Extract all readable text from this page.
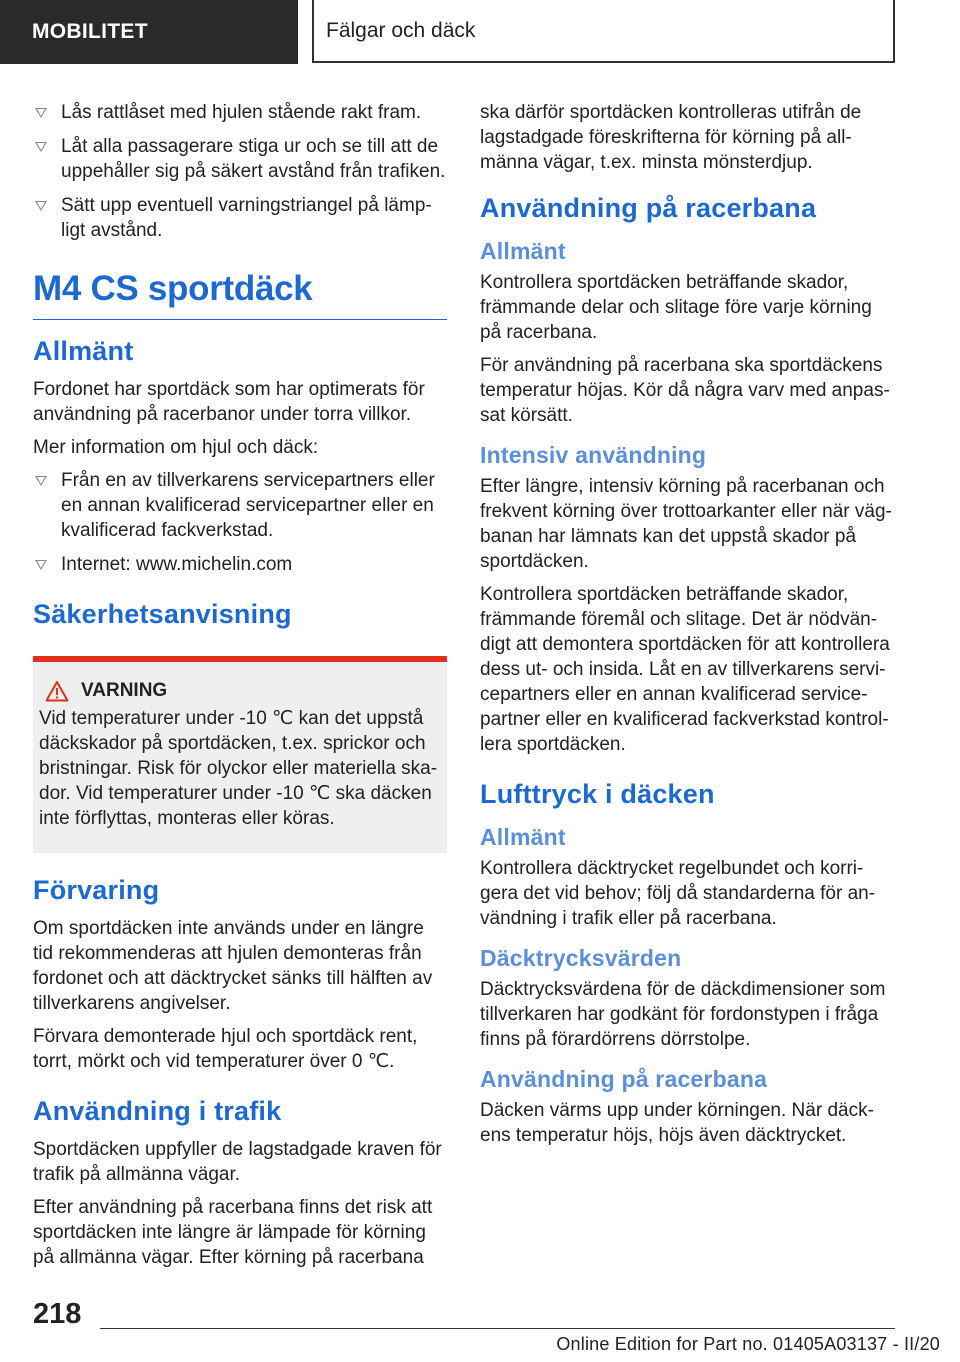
MOBILITET	Fälgar och däck
Lås rattlåset med hjulen stående rakt fram.
Låt alla passagerare stiga ur och se till att de uppehåller sig på säkert avstånd från trafiken.
Sätt upp eventuell varningstriangel på lämp‐ligt avstånd.
M4 CS sportdäck
Allmänt

Fordonet har sportdäck som har optimerats för användning på racerbanor under torra villkor.

Mer information om hjul och däck:

Från en av tillverkarens servicepartners eller en annan kvalificerad servicepartner eller en kvalificerad fackverkstad.
Internet: www.michelin.com
Säkerhetsanvisning
VARNING

Vid temperaturer under -10 ℃ kan det uppstå däckskador på sportdäcken, t.ex. sprickor och bristningar. Risk för olyckor eller materiella ska‐dor. Vid temperaturer under -10 ℃ ska däcken inte förflyttas, monteras eller köras.

Förvaring

Om sportdäcken inte används under en längre tid rekommenderas att hjulen demonteras från fordonet och att däcktrycket sänks till hälften av tillverkarens angivelser.

Förvara demonterade hjul och sportdäck rent, torrt, mörkt och vid temperaturer över 0 ℃.

Användning i trafik

Sportdäcken uppfyller de lagstadgade kraven för trafik på allmänna vägar.

Efter användning på racerbana finns det risk att sportdäcken inte längre är lämpade för körning på allmänna vägar. Efter körning på racerbana

ska därför sportdäcken kontrolleras utifrån de lagstadgade föreskrifterna för körning på all‐männa vägar, t.ex. minsta mönsterdjup.

Användning på racerbana
Allmänt

Kontrollera sportdäcken beträffande skador, främmande delar och slitage före varje körning på racerbana.

För användning på racerbana ska sportdäckens temperatur höjas. Kör då några varv med anpas‐sat körsätt.

Intensiv användning

Efter längre, intensiv körning på racerbanan och frekvent körning över trottoarkanter eller när väg‐banan har lämnats kan det uppstå skador på sportdäcken.

Kontrollera sportdäcken beträffande skador, främmande föremål och slitage. Det är nödvän‐digt att demontera sportdäcken för att kontrollera dess ut- och insida. Låt en av tillverkarens servi‐cepartners eller en annan kvalificerad service‐partner eller en kvalificerad fackverkstad kontrol‐lera sportdäcken.

Lufttryck i däcken
Allmänt

Kontrollera däcktrycket regelbundet och korri‐gera det vid behov; följ då standarderna för an‐vändning i trafik eller på racerbana.

Däcktrycksvärden

Däcktrycksvärdena för de däckdimensioner som tillverkaren har godkänt för fordonstypen i fråga finns på förardörrens dörrstolpe.

Användning på racerbana

Däcken värms upp under körningen. När däck‐ens temperatur höjs, höjs även däcktrycket.

218
Online Edition for Part no. 01405A03137 - II/20
